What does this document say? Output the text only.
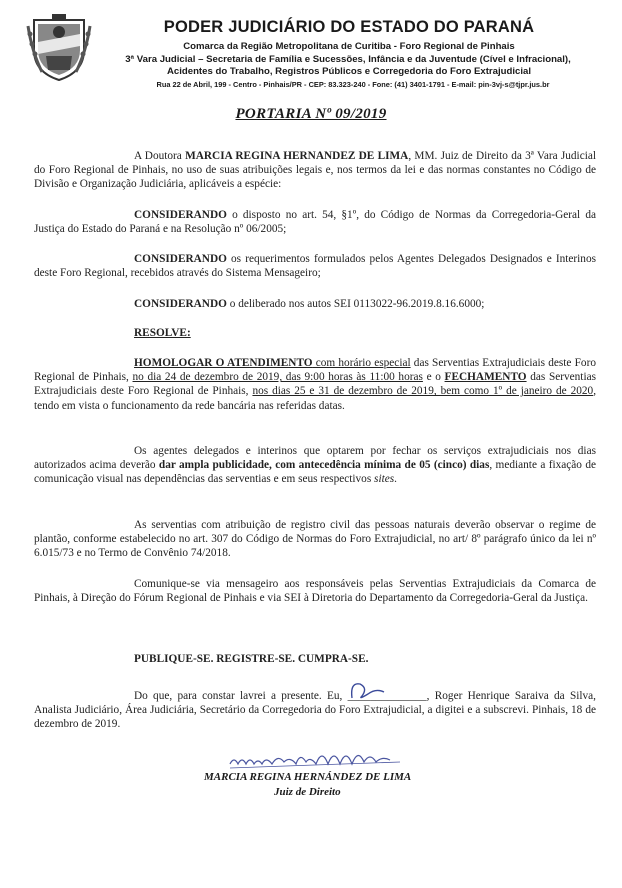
PODER JUDICIÁRIO DO ESTADO DO PARANÁ
Comarca da Região Metropolitana de Curitiba - Foro Regional de Pinhais
3ª Vara Judicial – Secretaria de Família e Sucessões, Infância e da Juventude (Cível e Infracional),
Acidentes do Trabalho, Registros Públicos e Corregedoria do Foro Extrajudicial
Rua 22 de Abril, 199 - Centro - Pinhais/PR - CEP: 83.323-240 - Fone: (41) 3401-1791 - E-mail: pin-3vj-s@tjpr.jus.br
PORTARIA Nº 09/2019
A Doutora MARCIA REGINA HERNANDEZ DE LIMA, MM. Juiz de Direito da 3ª Vara Judicial do Foro Regional de Pinhais, no uso de suas atribuições legais e, nos termos da lei e das normas constantes no Código de Divisão e Organização Judiciária, aplicáveis a espécie:
CONSIDERANDO o disposto no art. 54, §1º, do Código de Normas da Corregedoria-Geral da Justiça do Estado do Paraná e na Resolução nº 06/2005;
CONSIDERANDO os requerimentos formulados pelos Agentes Delegados Designados e Interinos deste Foro Regional, recebidos através do Sistema Mensageiro;
CONSIDERANDO o deliberado nos autos SEI 0113022-96.2019.8.16.6000;
RESOLVE:
HOMOLOGAR O ATENDIMENTO com horário especial das Serventias Extrajudiciais deste Foro Regional de Pinhais, no dia 24 de dezembro de 2019, das 9:00 horas às 11:00 horas e o FECHAMENTO das Serventias Extrajudiciais deste Foro Regional de Pinhais, nos dias 25 e 31 de dezembro de 2019, bem como 1º de janeiro de 2020, tendo em vista o funcionamento da rede bancária nas referidas datas.
Os agentes delegados e interinos que optarem por fechar os serviços extrajudiciais nos dias autorizados acima deverão dar ampla publicidade, com antecedência mínima de 05 (cinco) dias, mediante a fixação de comunicação visual nas dependências das serventias e em seus respectivos sites.
As serventias com atribuição de registro civil das pessoas naturais deverão observar o regime de plantão, conforme estabelecido no art. 307 do Código de Normas do Foro Extrajudicial, no art/ 8º parágrafo único da lei nº 6.015/73 e no Termo de Convênio 74/2018.
Comunique-se via mensageiro aos responsáveis pelas Serventias Extrajudiciais da Comarca de Pinhais, à Direção do Fórum Regional de Pinhais e via SEI à Diretoria do Departamento da Corregedoria-Geral da Justiça.
PUBLIQUE-SE. REGISTRE-SE. CUMPRA-SE.
Do que, para constar lavrei a presente. Eu, ______________, Roger Henrique Saraiva da Silva, Analista Judiciário, Área Judiciária, Secretário da Corregedoria do Foro Extrajudicial, a digitei e a subscrevi. Pinhais, 18 de dezembro de 2019.
MARCIA REGINA HERNÁNDEZ DE LIMA
Juiz de Direito
